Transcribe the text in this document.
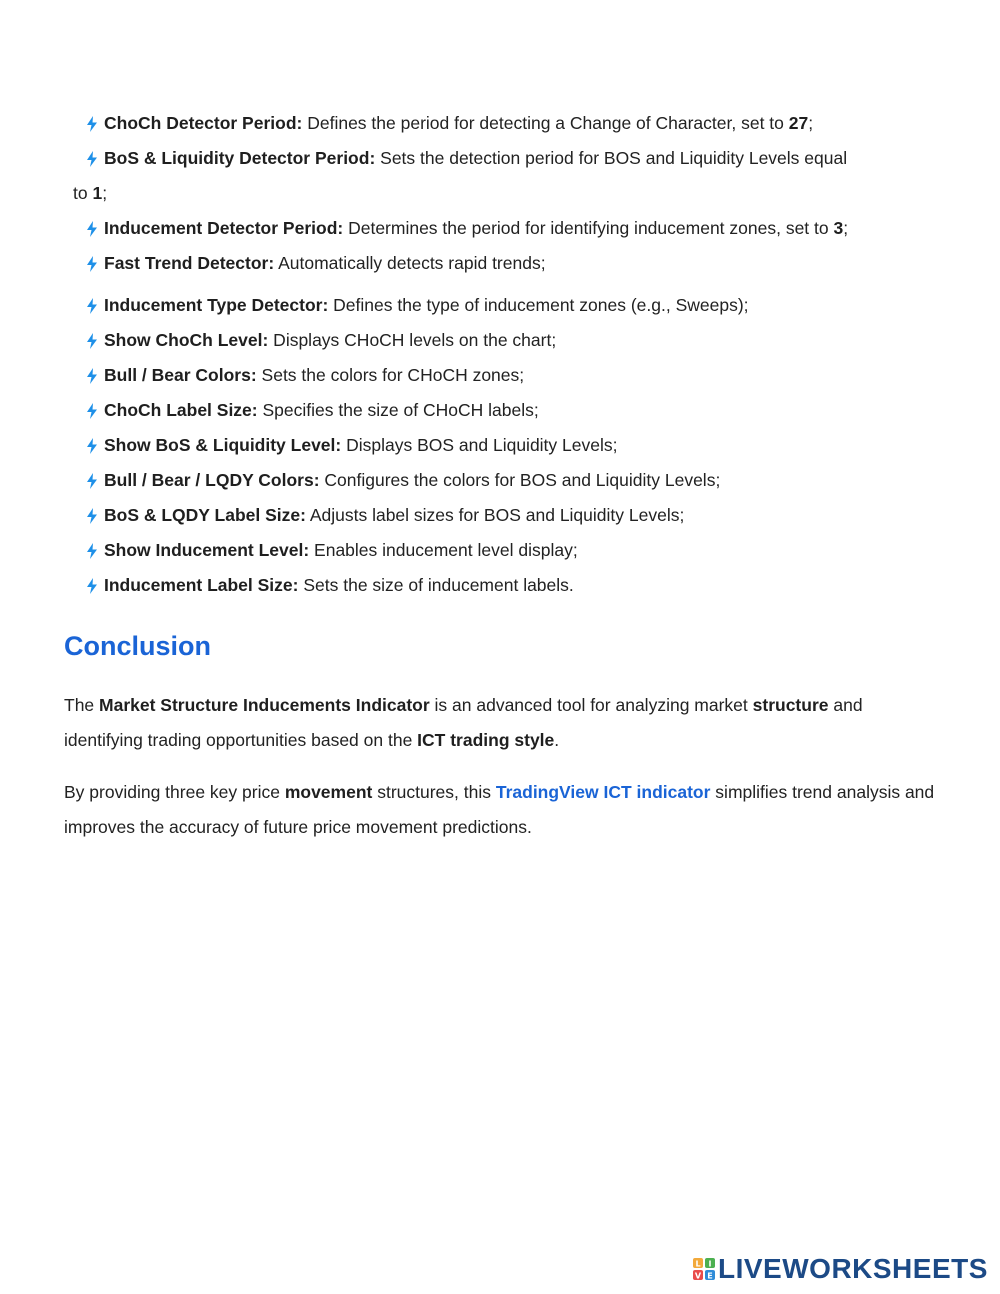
ChoCh Detector Period: Defines the period for detecting a Change of Character, set to 27;
BoS & Liquidity Detector Period: Sets the detection period for BOS and Liquidity Levels equal
to 1;
Inducement Detector Period: Determines the period for identifying inducement zones, set to 3;
Fast Trend Detector: Automatically detects rapid trends;
Inducement Type Detector: Defines the type of inducement zones (e.g., Sweeps);
Show ChoCh Level: Displays CHoCH levels on the chart;
Bull / Bear Colors: Sets the colors for CHoCH zones;
ChoCh Label Size: Specifies the size of CHoCH labels;
Show BoS & Liquidity Level: Displays BOS and Liquidity Levels;
Bull / Bear / LQDY Colors: Configures the colors for BOS and Liquidity Levels;
BoS & LQDY Label Size: Adjusts label sizes for BOS and Liquidity Levels;
Show Inducement Level: Enables inducement level display;
Inducement Label Size: Sets the size of inducement labels.
Conclusion

The Market Structure Inducements Indicator is an advanced tool for analyzing market structure and identifying trading opportunities based on the ICT trading style.

By providing three key price movement structures, this TradingView ICT indicator simplifies trend analysis and improves the accuracy of future price movement predictions.

L I
V E LIVEWORKSHEETS
